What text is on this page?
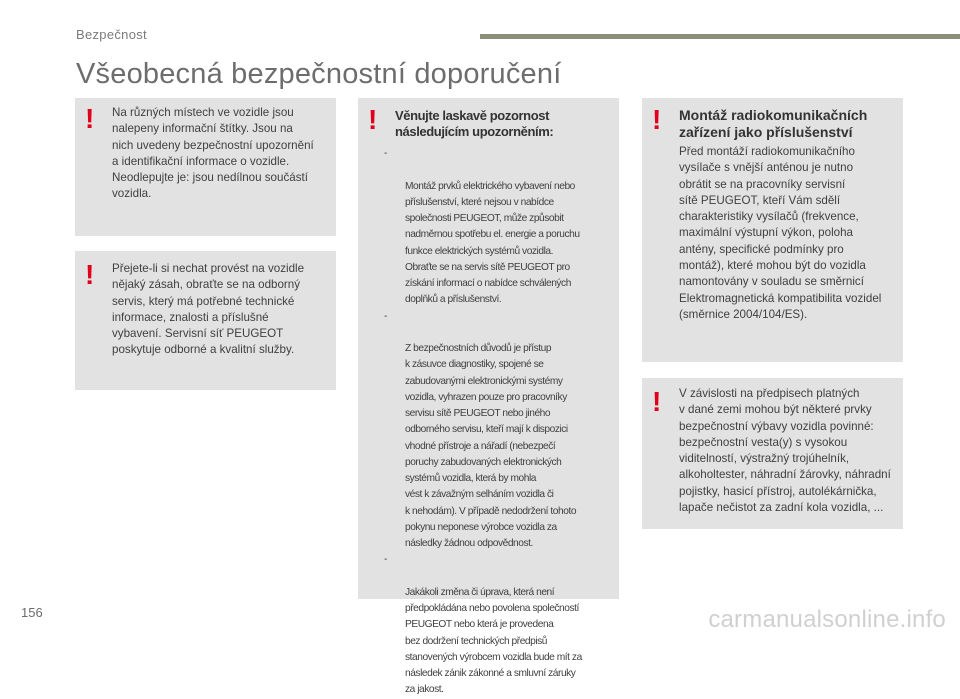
Bezpečnost
Všeobecná bezpečnostní doporučení
! Na různých místech ve vozidle jsou
nalepeny informační štítky. Jsou na
nich uvedeny bezpečnostní upozornění
a identifikační informace o vozidle.
Neodlepujte je: jsou nedílnou součástí
vozidla.
! Přejete-li si nechat provést na vozidle
nějaký zásah, obraťte se na odborný
servis, který má potřebné technické
informace, znalosti a příslušné
vybavení. Servisní síť PEUGEOT
poskytuje odborné a kvalitní služby.
! Věnujte laskavě pozornost
následujícím upozorněním:

-

Montáž prvků elektrického vybavení nebo
příslušenství, které nejsou v nabídce
společnosti PEUGEOT, může způsobit
nadměrnou spotřebu el. energie a poruchu
funkce elektrických systémů vozidla.
Obraťte se na servis sítě PEUGEOT pro
získání informací o nabídce schválených
doplňků a příslušenství.

-

Z bezpečnostních důvodů je přístup
k zásuvce diagnostiky, spojené se
zabudovanými elektronickými systémy
vozidla, vyhrazen pouze pro pracovníky
servisu sítě PEUGEOT nebo jiného
odborného servisu, kteří mají k dispozici
vhodné přístroje a nářadí (nebezpečí
poruchy zabudovaných elektronických
systémů vozidla, která by mohla
vést k závažným selháním vozidla či
k nehodám). V případě nedodržení tohoto
pokynu neponese výrobce vozidla za
následky žádnou odpovědnost.

-

Jakákoli změna či úprava, která není
předpokládána nebo povolena společností
PEUGEOT nebo která je provedena
bez dodržení technických předpisů
stanovených výrobcem vozidla bude mít za
následek zánik zákonné a smluvní záruky
za jakost.

! Montáž radiokomunikačních
zařízení jako příslušenství
Před montáží radiokomunikačního
vysílače s vnější anténou je nutno
obrátit se na pracovníky servisní
sítě PEUGEOT, kteří Vám sdělí
charakteristiky vysílačů (frekvence,
maximální výstupní výkon, poloha
antény, specifické podmínky pro
montáž), které mohou být do vozidla
namontovány v souladu se směrnicí
Elektromagnetická kompatibilita vozidel
(směrnice 2004/104/ES).
! V závislosti na předpisech platných
v dané zemi mohou být některé prvky
bezpečnostní výbavy vozidla povinné:
bezpečnostní vesta(y) s vysokou
viditelností, výstražný trojúhelník,
alkoholtester, náhradní žárovky, náhradní
pojistky, hasicí přístroj, autolékárnička,
lapače nečistot za zadní kola vozidla, ...
156	carmanualsonline.info
